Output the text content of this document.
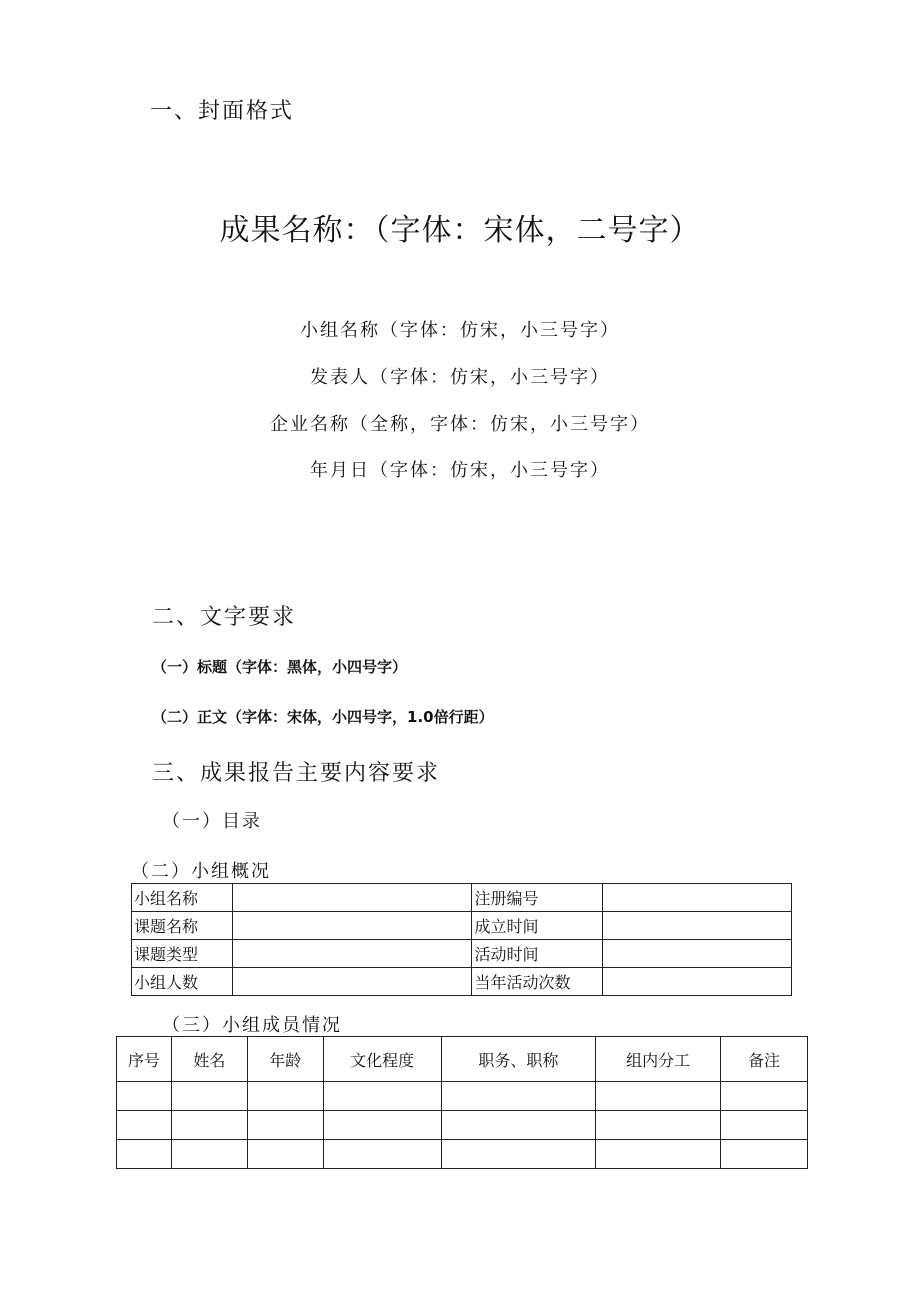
一、封面格式
成果名称：（字体：宋体，二号字）
小组名称（字体：仿宋，小三号字）
发表人（字体：仿宋，小三号字）
企业名称（全称，字体：仿宋，小三号字）
年月日（字体：仿宋，小三号字）
二、文字要求
（一）标题（字体：黑体，小四号字）
（二）正文（字体：宋体，小四号字，1.0倍行距）
三、成果报告主要内容要求
（一）目录
（二）小组概况
小组名称		注册编号	
课题名称		成立时间	
课题类型		活动时间	
小组人数		当年活动次数	
（三）小组成员情况
序号	姓名	年龄	文化程度	职务、职称	组内分工	备注
